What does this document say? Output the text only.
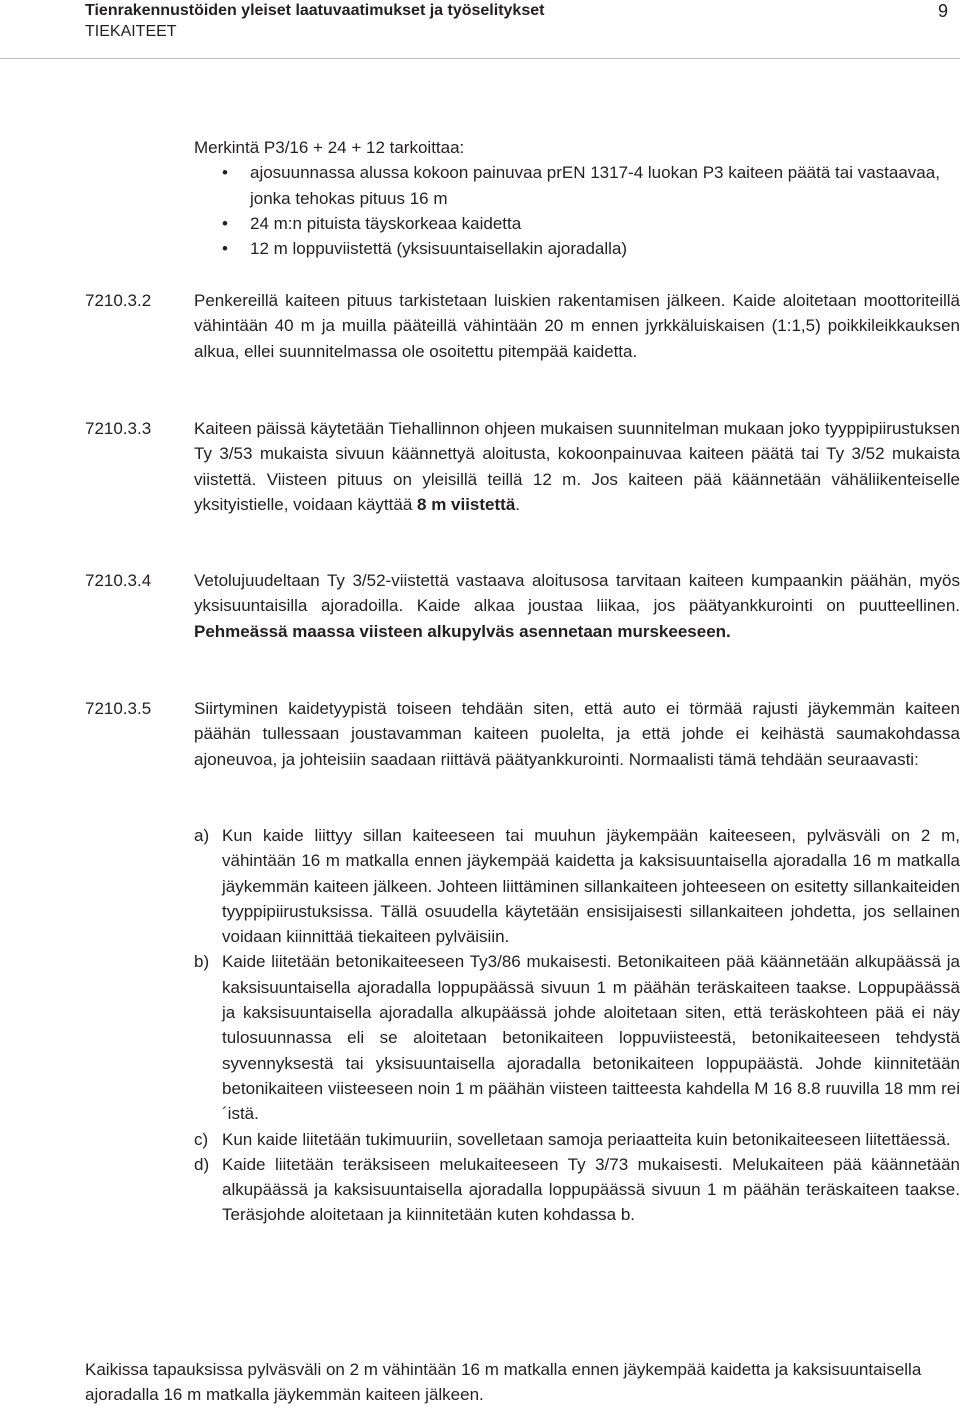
Tienrakennustöiden yleiset laatuvaatimukset ja työselitykset
TIEKAITEET
9
Merkintä P3/16 + 24 + 12 tarkoittaa:
• ajosuunnassa alussa kokoon painuvaa prEN 1317-4 luokan P3 kaiteen päätä tai vastaavaa, jonka tehokas pituus 16 m
• 24 m:n pituista täyskorkeaa kaidetta
• 12 m loppuviistettä (yksisuuntaisellakin ajoradalla)
7210.3.2	Penkereillä kaiteen pituus tarkistetaan luiskien rakentamisen jälkeen. Kaide aloitetaan moottoriteillä vähintään 40 m ja muilla pääteillä vähintään 20 m ennen jyrkkäluiskaisen (1:1,5) poikkileikkauksen alkua, ellei suunnitelmassa ole osoitettu pitempää kaidetta.
7210.3.3	Kaiteen päissä käytetään Tiehallinnon ohjeen mukaisen suunnitelman mukaan joko tyyppipiirustuksen Ty 3/53 mukaista sivuun käännettyä aloitusta, kokoonpainuvaa kaiteen päätä tai Ty 3/52 mukaista viistettä. Viisteen pituus on yleisillä teillä 12 m. Jos kaiteen pää käännetään vähäliikenteiselle yksityistielle, voidaan käyttää 8 m viistettä.
7210.3.4	Vetolujuudeltaan Ty 3/52-viistettä vastaava aloitusosa tarvitaan kaiteen kumpaankin päähän, myös yksisuuntaisilla ajoradoilla. Kaide alkaa joustaa liikaa, jos päätyankkurointi on puutteellinen. Pehmeässä maassa viisteen alkupylväs asennetaan murskeeseen.
7210.3.5	Siirtyminen kaidetyypistä toiseen tehdään siten, että auto ei törmää rajusti jäykemmän kaiteen päähän tullessaan joustavamman kaiteen puolelta, ja että johde ei keihästä saumakohdassa ajoneuvoa, ja johteisiin saadaan riittävä päätyankkurointi. Normaalisti tämä tehdään seuraavasti:
a) Kun kaide liittyy sillan kaiteeseen tai muuhun jäykempään kaiteeseen, pylväsväli on 2 m, vähintään 16 m matkalla ennen jäykempää kaidetta ja kaksisuuntaisella ajoradalla 16 m matkalla jäykemmän kaiteen jälkeen. Johteen liittäminen sillankaiteen johteeseen on esitetty sillankaiteiden tyyppipiirustuksissa. Tällä osuudella käytetään ensisijaisesti sillankaiteen johdetta, jos sellainen voidaan kiinnittää tiekaiteen pylväisiin.
b) Kaide liitetään betonikaiteeseen Ty3/86 mukaisesti. Betonikaiteen pää käännetään alkupäässä ja kaksisuuntaisella ajoradalla loppupäässä sivuun 1 m päähän teräskaiteen taakse. Loppupäässä ja kaksisuuntaisella ajoradalla alkupäässä johde aloitetaan siten, että teräskohteen pää ei näy tulosuunnassa eli se aloitetaan betonikaiteen loppuviisteestä, betonikaiteeseen tehdystä syvennyksestä tai yksisuuntaisella ajoradalla betonikaiteen loppupäästä. Johde kiinnitetään betonikaiteen viisteeseen noin 1 m päähän viisteen taitteesta kahdella M 16 8.8 ruuvilla 18 mm rei´istä.
c) Kun kaide liitetään tukimuuriin, sovelletaan samoja periaatteita kuin betonikaiteeseen liitettäessä.
d) Kaide liitetään teräksiseen melukaiteeseen Ty 3/73 mukaisesti. Melukaiteen pää käännetään alkupäässä ja kaksisuuntaisella ajoradalla loppupäässä sivuun 1 m päähän teräskaiteen taakse. Teräsjohde aloitetaan ja kiinnitetään kuten kohdassa b.
Kaikissa tapauksissa pylväsväli on 2 m vähintään 16 m matkalla ennen jäykempää kaidetta ja kaksisuuntaisella ajoradalla 16 m matkalla jäykemmän kaiteen jälkeen.
